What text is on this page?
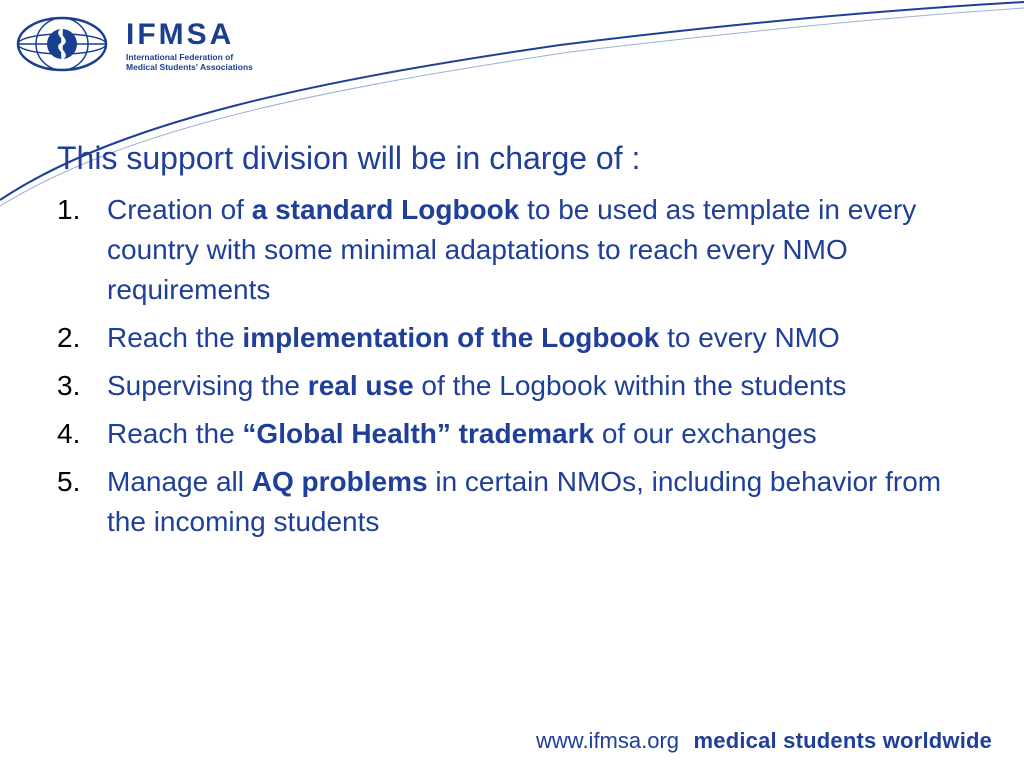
IFMSA
International Federation of
Medical Students' Associations
This support division will be in charge of :
1. Creation of a standard Logbook to be used as template in every country with some minimal adaptations to reach every NMO requirements
2. Reach the implementation of the Logbook to every NMO
3. Supervising the real use of the Logbook within the students
4. Reach the “Global Health” trademark of our exchanges
5. Manage all AQ problems in certain NMOs, including behavior from the incoming students
www.ifmsa.org medical students worldwide
